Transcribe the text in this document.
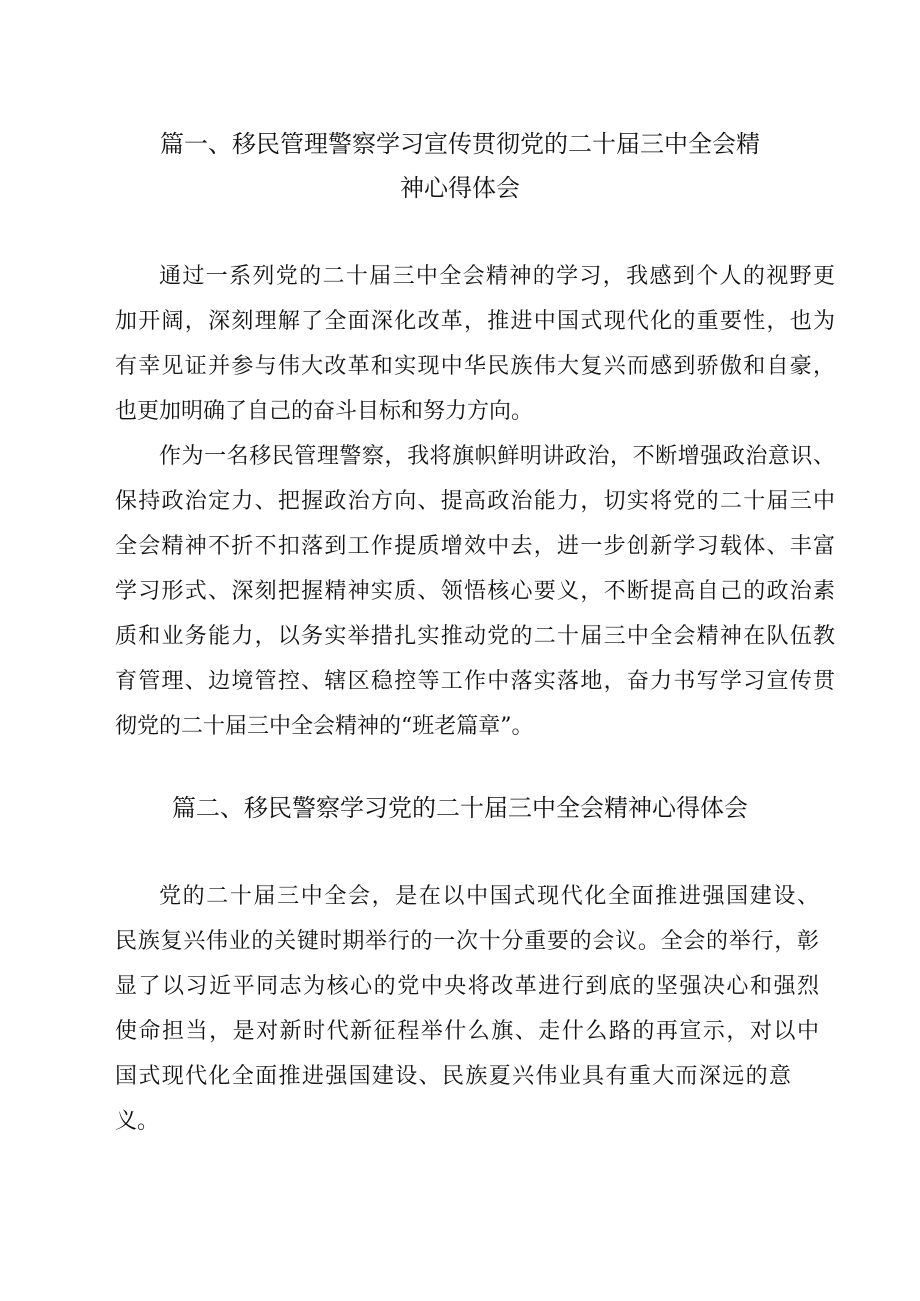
篇一、移民管理警察学习宣传贯彻党的二十届三中全会精
神心得体会
通过一系列党的二十届三中全会精神的学习，我感到个人的视野更
加开阔，深刻理解了全面深化改革，推进中国式现代化的重要性，也为
有幸见证并参与伟大改革和实现中华民族伟大复兴而感到骄傲和自豪，
也更加明确了自己的奋斗目标和努力方向。
作为一名移民管理警察，我将旗帜鲜明讲政治，不断增强政治意识、
保持政治定力、把握政治方向、提高政治能力，切实将党的二十届三中
全会精神不折不扣落到工作提质增效中去，进一步创新学习载体、丰富
学习形式、深刻把握精神实质、领悟核心要义，不断提高自己的政治素
质和业务能力，以务实举措扎实推动党的二十届三中全会精神在队伍教
育管理、边境管控、辖区稳控等工作中落实落地，奋力书写学习宣传贯
彻党的二十届三中全会精神的“班老篇章”。
篇二、移民警察学习党的二十届三中全会精神心得体会
党的二十届三中全会，是在以中国式现代化全面推进强国建设、
民族复兴伟业的关键时期举行的一次十分重要的会议。全会的举行，彰
显了以习近平同志为核心的党中央将改革进行到底的坚强决心和强烈
使命担当，是对新时代新征程举什么旗、走什么路的再宣示，对以中
国式现代化全面推进强国建设、民族夏兴伟业具有重大而深远的意
义。
